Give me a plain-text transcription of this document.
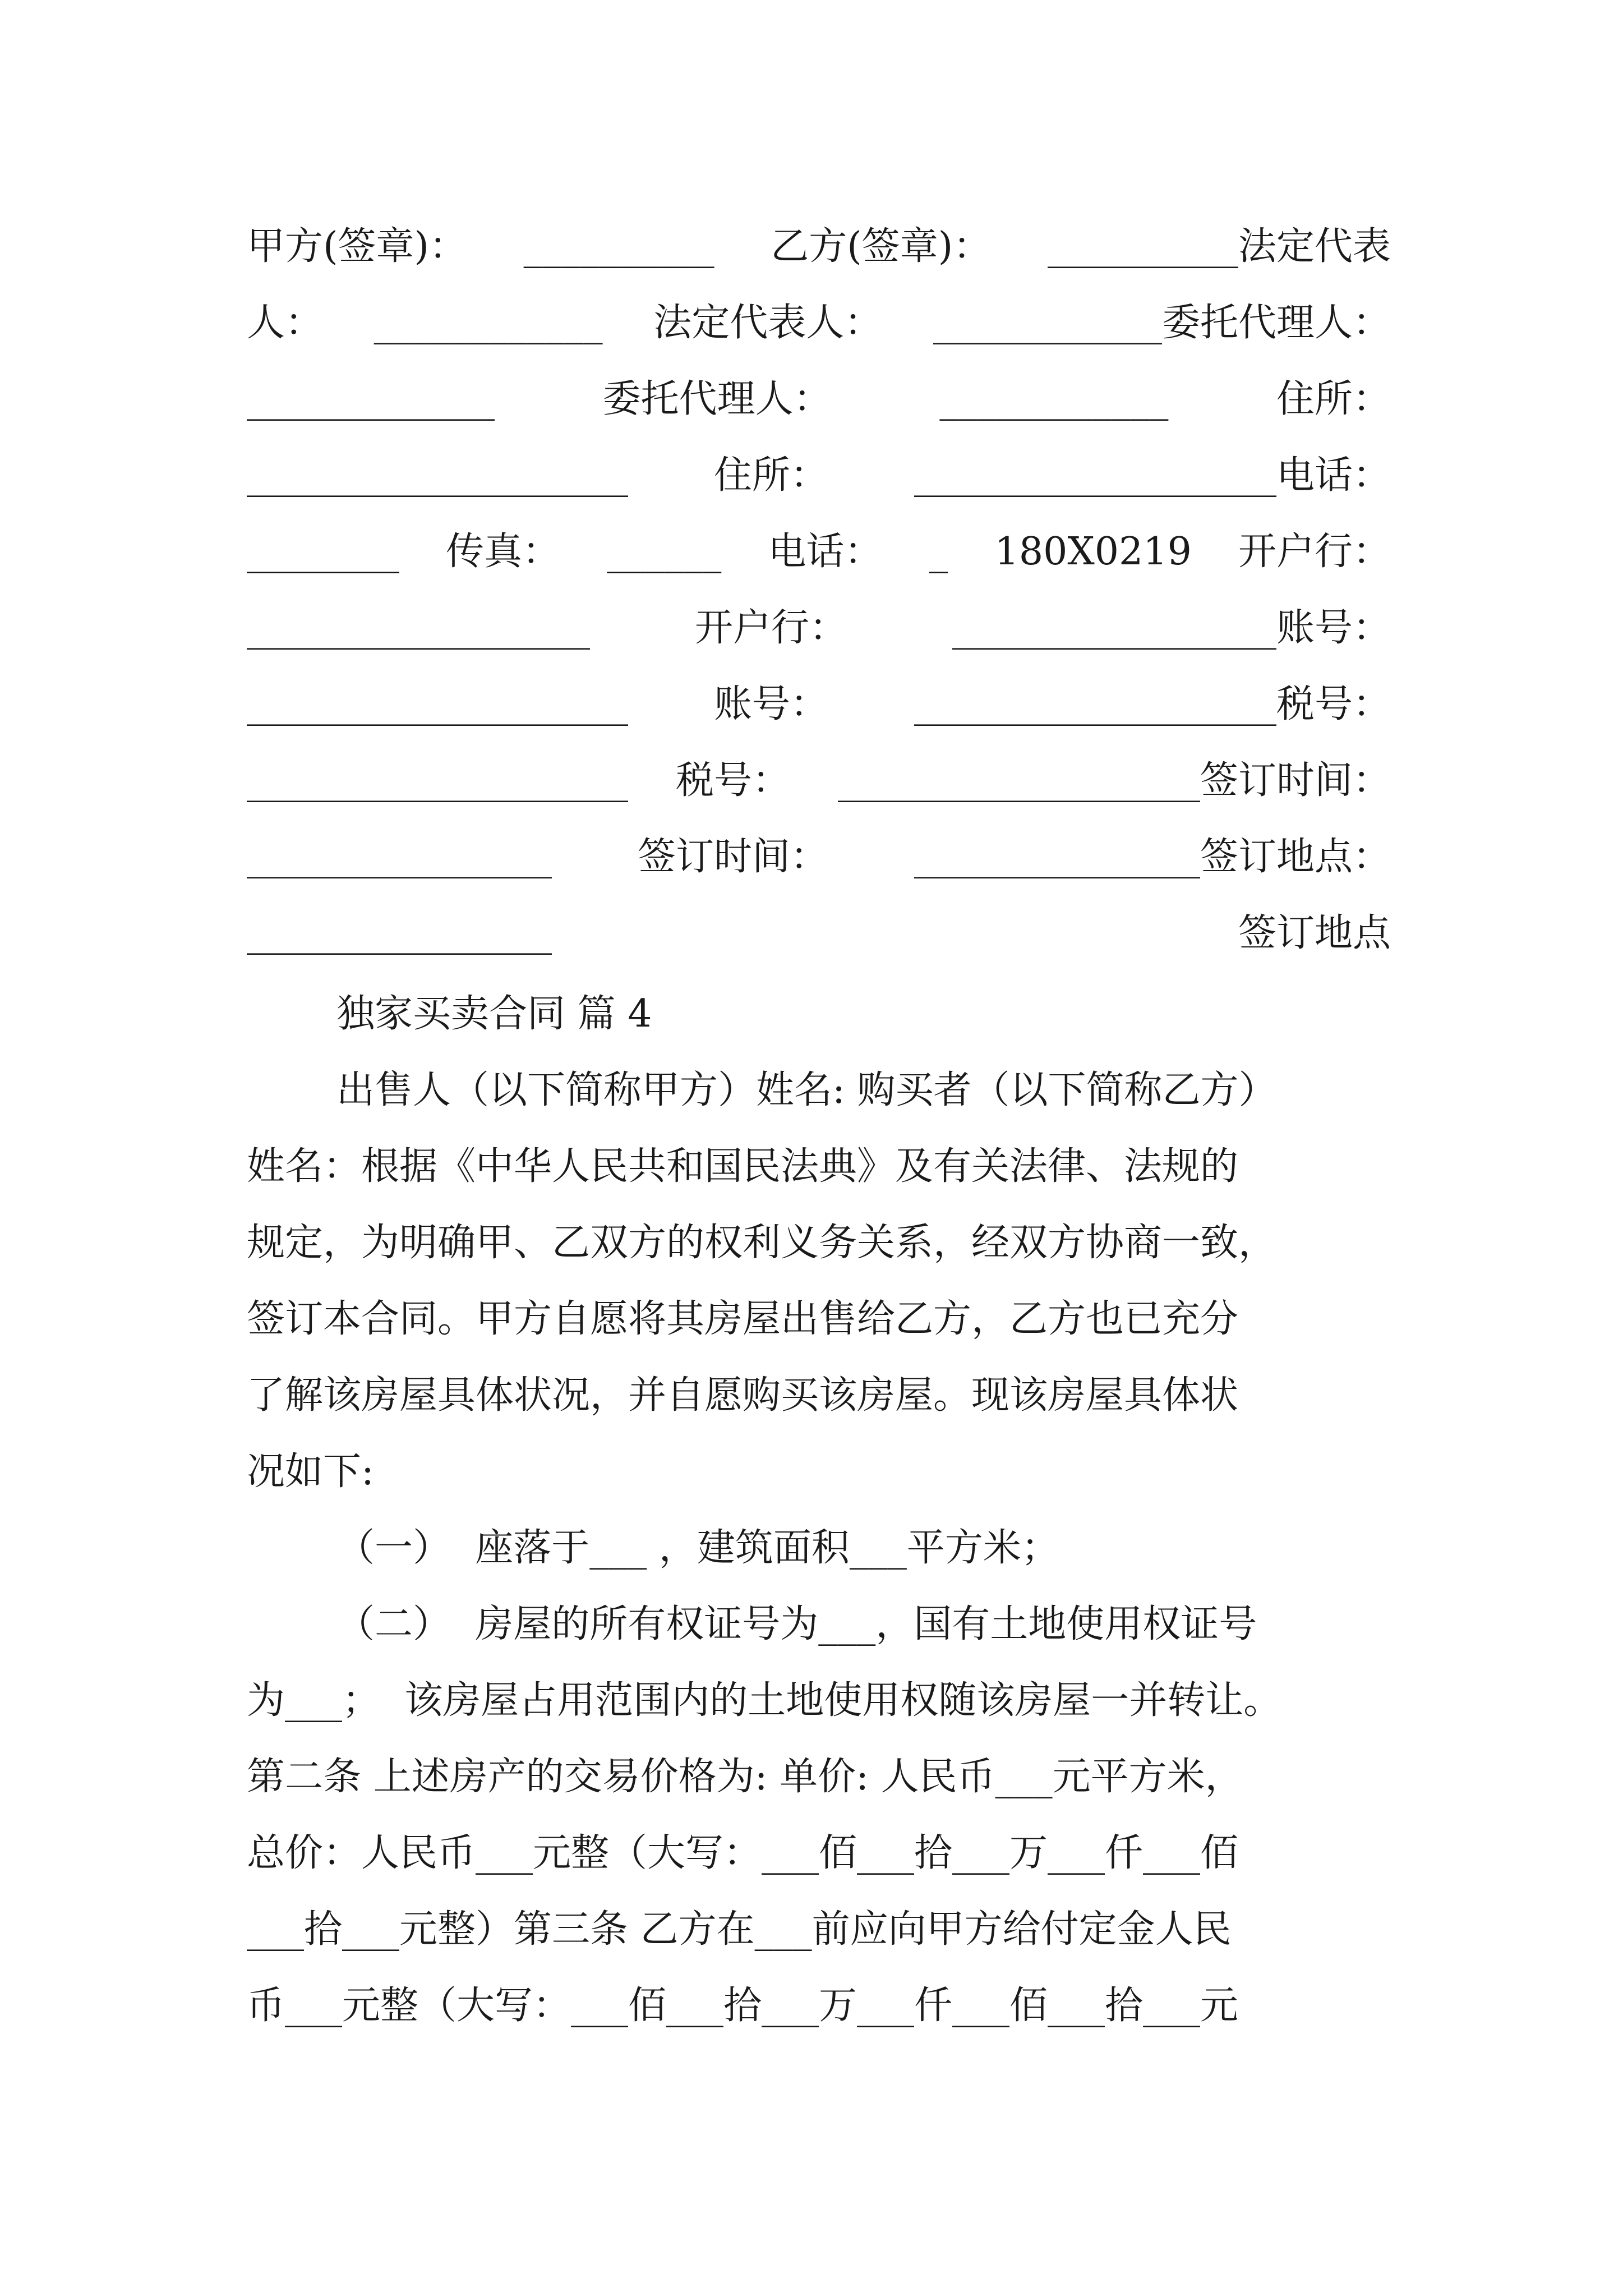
甲方(签章)： __________ 乙方(签章)： __________法定代表
人： ____________ 法定代表人： ____________委托代理人：
_____________	委托代理人：	____________	住所：
____________________ 住所： ___________________电话：
________ 传真： ______ 电话： _ 180X0219 开户行：
__________________	开户行：	_________________账号：
____________________ 账号： ___________________税号：
____________________ 税号： ___________________签订时间：
________________ 签订时间： _______________签订地点：
________________	签订地点
独家买卖合同 篇 4
出售人（以下简称甲方）姓名: 购买者（以下简称乙方）
姓名：根据《中华人民共和国民法典》及有关法律、法规的
规定，为明确甲、乙双方的权利义务关系，经双方协商一致，
签订本合同。甲方自愿将其房屋出售给乙方，乙方也已充分
了解该房屋具体状况，并自愿购买该房屋。现该房屋具体状
况如下:
（一）  座落于___ ，建筑面积___平方米；
（二）  房屋的所有权证号为___，国有土地使用权证号
为___；  该房屋占用范围内的土地使用权随该房屋一并转让。
第二条 上述房产的交易价格为: 单价: 人民币___元平方米，
总价：人民币___元整（大写：___佰___拾___万___仟___佰
___拾___元整）第三条 乙方在___前应向甲方给付定金人民
币___元整（大写：___佰___拾___万___仟___佰___拾___元
